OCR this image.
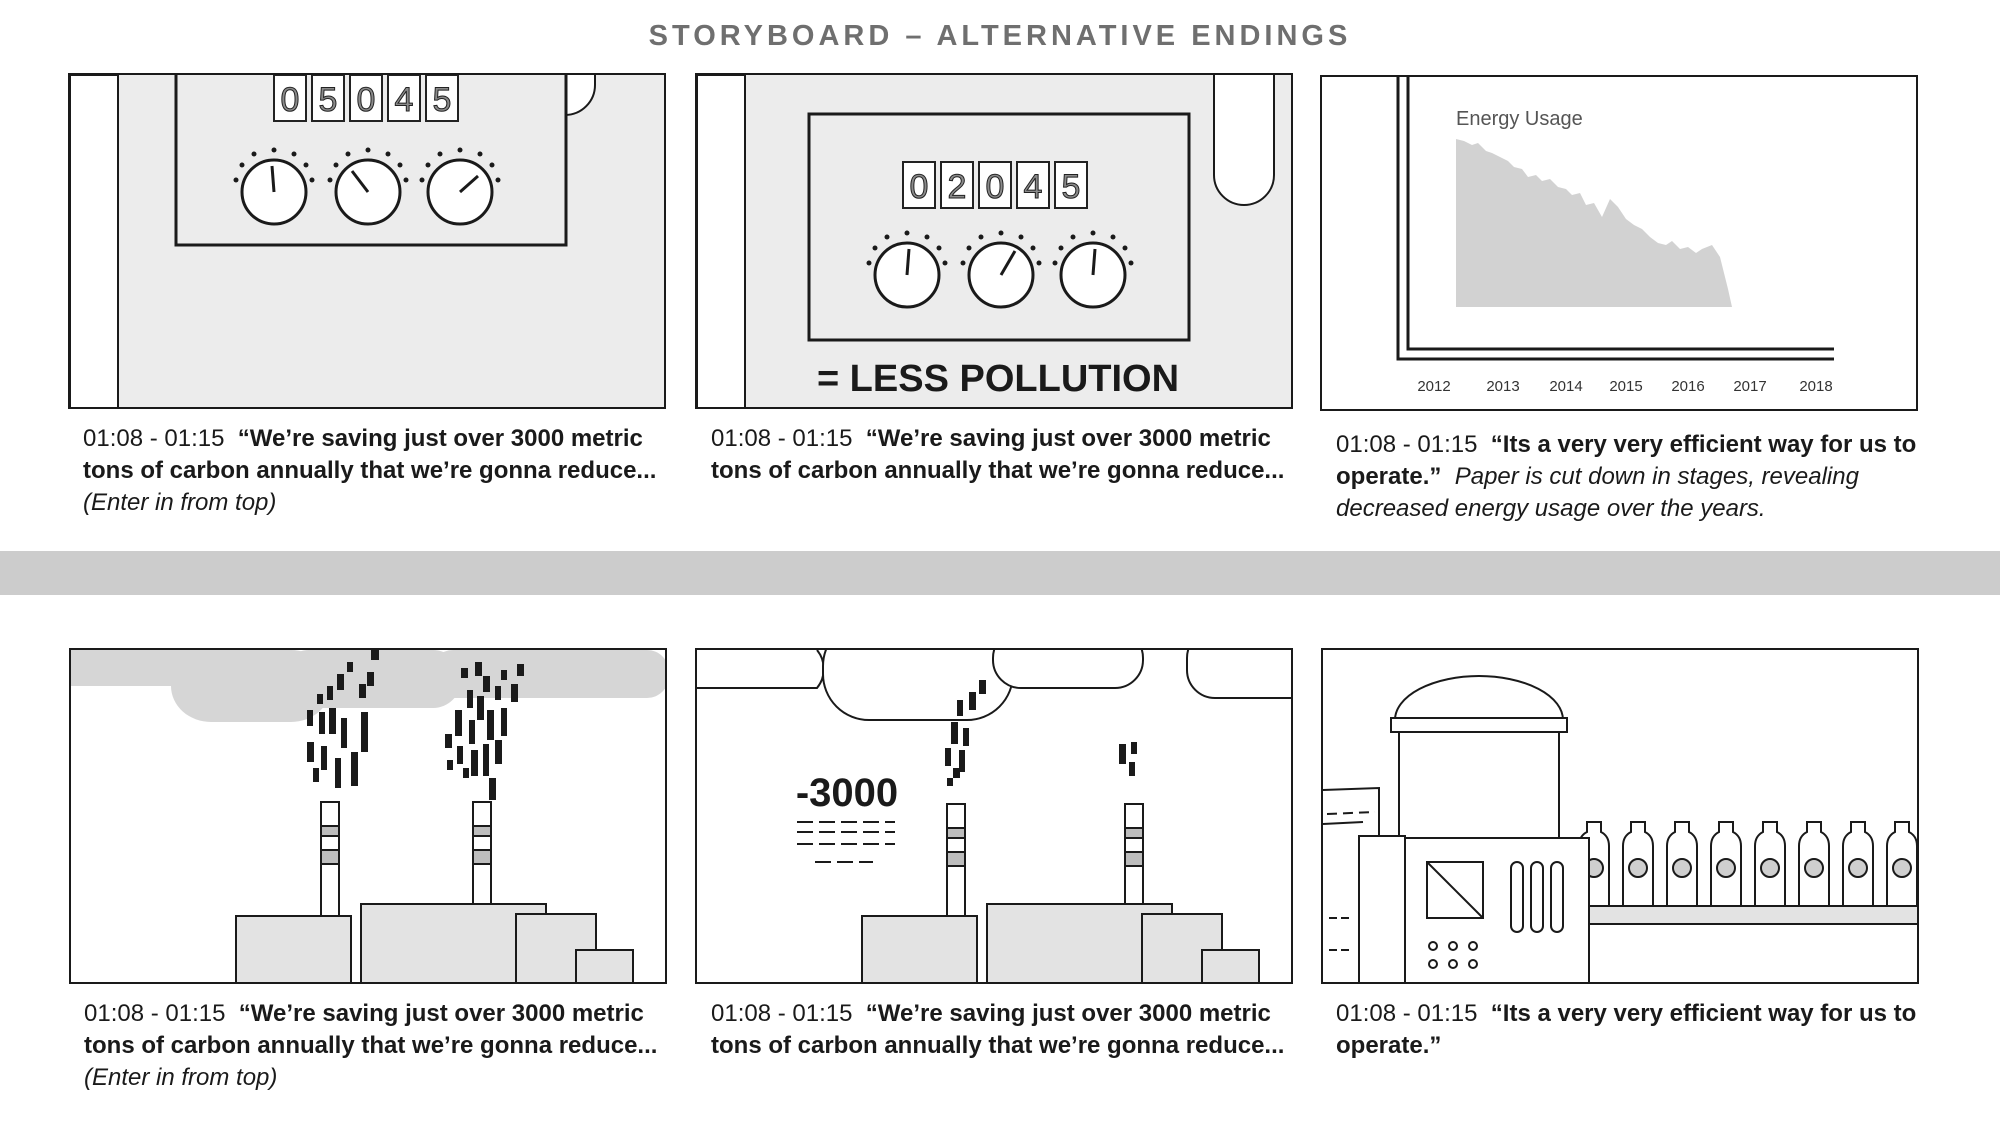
STORYBOARD – ALTERNATIVE ENDINGS
0 5 0 4 5
01:08 - 01:15 “We’re saving just over 3000 metric tons of carbon annually that we’re gonna reduce...
(Enter in from top)
0 2 0 4 5
= LESS POLLUTION
01:08 - 01:15 “We’re saving just over 3000 metric tons of carbon annually that we’re gonna reduce...
Energy Usage
2012 2013 2014 2015 2016 2017 2018
01:08 - 01:15 “Its a very very efficient way for us to operate.” Paper is cut down in stages, revealing decreased energy usage over the years.
01:08 - 01:15 “We’re saving just over 3000 metric tons of carbon annually that we’re gonna reduce...
(Enter in from top)
-3000
01:08 - 01:15 “We’re saving just over 3000 metric tons of carbon annually that we’re gonna reduce...
01:08 - 01:15 “Its a very very efficient way for us to operate.”
